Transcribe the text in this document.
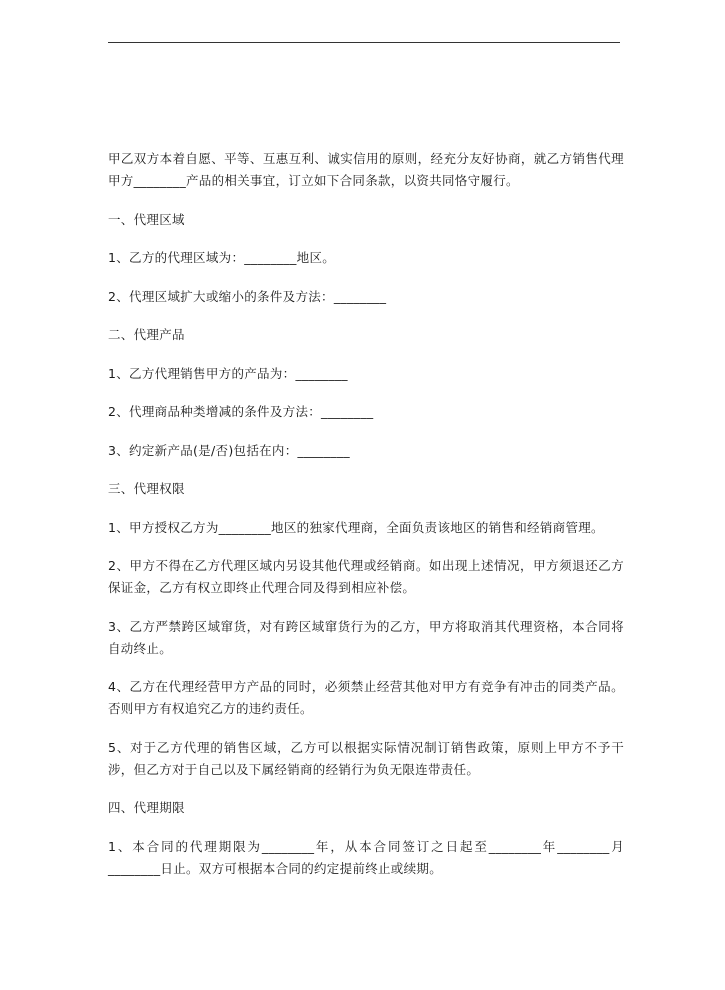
甲乙双方本着自愿、平等、互惠互利、诚实信用的原则，经充分友好协商，就乙方销售代理甲方________产品的相关事宜，订立如下合同条款，以资共同恪守履行。

一、代理区域

1、乙方的代理区域为：________地区。

2、代理区域扩大或缩小的条件及方法：________

二、代理产品

1、乙方代理销售甲方的产品为：________

2、代理商品种类增减的条件及方法：________

3、约定新产品(是/否)包括在内：________

三、代理权限

1、甲方授权乙方为________地区的独家代理商，全面负责该地区的销售和经销商管理。

2、甲方不得在乙方代理区域内另设其他代理或经销商。如出现上述情况，甲方须退还乙方保证金，乙方有权立即终止代理合同及得到相应补偿。

3、乙方严禁跨区域窜货，对有跨区域窜货行为的乙方，甲方将取消其代理资格，本合同将自动终止。

4、乙方在代理经营甲方产品的同时，必须禁止经营其他对甲方有竞争有冲击的同类产品。否则甲方有权追究乙方的违约责任。

5、对于乙方代理的销售区域，乙方可以根据实际情况制订销售政策，原则上甲方不予干涉，但乙方对于自己以及下属经销商的经销行为负无限连带责任。

四、代理期限

1、本合同的代理期限为________年，从本合同签订之日起至________年________月________日止。双方可根据本合同的约定提前终止或续期。
